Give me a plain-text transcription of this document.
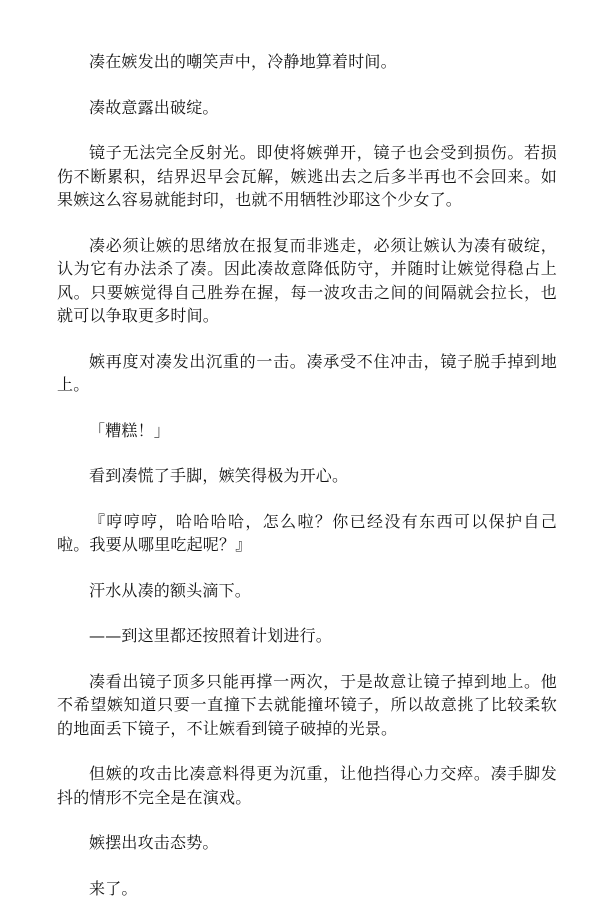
凑在嫉发出的嘲笑声中，冷静地算着时间。

凑故意露出破绽。

镜子无法完全反射光。即使将嫉弹开，镜子也会受到损伤。若损伤不断累积，结界迟早会瓦解，嫉逃出去之后多半再也不会回来。如果嫉这么容易就能封印，也就不用牺牲沙耶这个少女了。

凑必须让嫉的思绪放在报复而非逃走，必须让嫉认为凑有破绽，认为它有办法杀了凑。因此凑故意降低防守，并随时让嫉觉得稳占上风。只要嫉觉得自己胜券在握，每一波攻击之间的间隔就会拉长，也就可以争取更多时间。

嫉再度对凑发出沉重的一击。凑承受不住冲击，镜子脱手掉到地上。

「糟糕！」

看到凑慌了手脚，嫉笑得极为开心。

『哼哼哼，哈哈哈哈，怎么啦？你已经没有东西可以保护自己啦。我要从哪里吃起呢？』

汗水从凑的额头滴下。

——到这里都还按照着计划进行。

凑看出镜子顶多只能再撑一两次，于是故意让镜子掉到地上。他不希望嫉知道只要一直撞下去就能撞坏镜子，所以故意挑了比较柔软的地面丢下镜子，不让嫉看到镜子破掉的光景。

但嫉的攻击比凑意料得更为沉重，让他挡得心力交瘁。凑手脚发抖的情形不完全是在演戏。

嫉摆出攻击态势。

来了。
